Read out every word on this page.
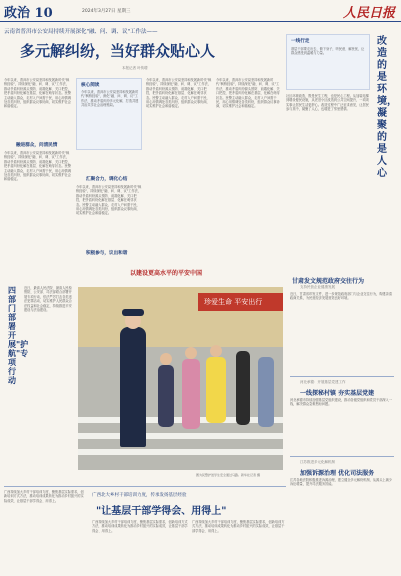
政治 10	2024年3月27日 星期三	人民日报
云南省普洱市公安局持续开展深化"融、问、调、议"工作法——
多元解纠纷，当好群众贴心人
本报记者 叶传增
今年以来，普洱市公安局坚持和发展新时代"枫桥经验"，持续深化"融、问、调、议"工作法，推动矛盾纠纷源头预防、前端化解、关口把控，把矛盾纠纷化解在基层、化解在萌芽状态。民警主动融入群众，走村入户问需于民，用心用情调处各类纠纷，组织群众议事协商，切实维护社会和谐稳定。
融进群众，问清民情
今年以来，普洱市公安局坚持和发展新时代"枫桥经验"，持续深化"融、问、调、议"工作法，推动矛盾纠纷源头预防、前端化解、关口把控，把矛盾纠纷化解在基层、化解在萌芽状态。民警主动融入群众，走村入户问需于民，用心用情调处各类纠纷，组织群众议事协商，切实维护社会和谐稳定。
核心阅读
今年以来，普洱市公安局坚持和发展新时代"枫桥经验"，深化"融、问、调、议"工作法，推动矛盾纠纷多元化解，打造共建共治共享社会治理格局。
汇聚合力，调化心结
今年以来，普洱市公安局坚持和发展新时代"枫桥经验"，持续深化"融、问、调、议"工作法，推动矛盾纠纷源头预防、前端化解、关口把控，把矛盾纠纷化解在基层、化解在萌芽状态。民警主动融入群众，走村入户问需于民，用心用情调处各类纠纷，组织群众议事协商，切实维护社会和谐稳定。
积极参与，议出和谐
今年以来，普洱市公安局坚持和发展新时代"枫桥经验"，持续深化"融、问、调、议"工作法，推动矛盾纠纷源头预防、前端化解、关口把控，把矛盾纠纷化解在基层、化解在萌芽状态。民警主动融入群众，走村入户问需于民，用心用情调处各类纠纷，组织群众议事协商，切实维护社会和谐稳定。
今年以来，普洱市公安局坚持和发展新时代"枫桥经验"，持续深化"融、问、调、议"工作法，推动矛盾纠纷源头预防、前端化解、关口把控，把矛盾纠纷化解在基层、化解在萌芽状态。民警主动融入群众，走村入户问需于民，用心用情调处各类纠纷，组织群众议事协商，切实维护社会和谐稳定。
一线行走
基层干部要走出去，俯下身子，听民意、解民忧，让群众感受到温暖与力量。
社区环境改造，既是民生工程，也是民心工程。从加装电梯到增设便民设施，从老旧小区改造到公共空间提升，一项项实事让居民生活更舒心。改造过程中广泛征求意见，让居民参与其中，凝聚了人心，也增进了邻里感情。
改造的是环境，凝聚的是人心
以建设更高水平的平安中国
珍爱生命 平安出行
图为民警护送学生安全通过马路。新华社记者 摄
四部门部署开展"护航"专项行动
近日，最高人民法院、最高人民检察院、公安部、司法部联合部署开展专项行动，依法严厉打击各类违法犯罪活动，切实维护人民群众合法权益和社会稳定，持续推进平安建设与法治建设。
甘肃发文规范政府交往行为
支持民营企业健康发展
近日，甘肃省印发文件，进一步规范政府部门与企业交往行为，构建亲清政商关系，为民营经济发展营造良好环境。
河北承德：开展基层党建工作
一线探秘村镇 夯实基层党建
河北承德市持续加强基层党组织建设，推动各级党组织和党员干部深入一线，解决群众急难愁盼问题。
江苏推进多元化解机制
加强诉源治理 优化司法服务
江苏各地法院积极推进诉源治理，建立健全多元解纷机制，从源头上减少诉讼增量，提升司法服务效能。
广西持续加大乡村干部培训力度，聚焦基层实际需求，创新培训方式方法，推动培训成果转化为推动乡村振兴的实际成效，让基层干部学得会、用得上。
广西北大乡村干部培训力度，传承发扬基层经验
"让基层干部学得会、用得上"
广西持续加大乡村干部培训力度，聚焦基层实际需求，创新培训方式方法，推动培训成果转化为推动乡村振兴的实际成效，让基层干部学得会、用得上。
广西持续加大乡村干部培训力度，聚焦基层实际需求，创新培训方式方法，推动培训成果转化为推动乡村振兴的实际成效，让基层干部学得会、用得上。
